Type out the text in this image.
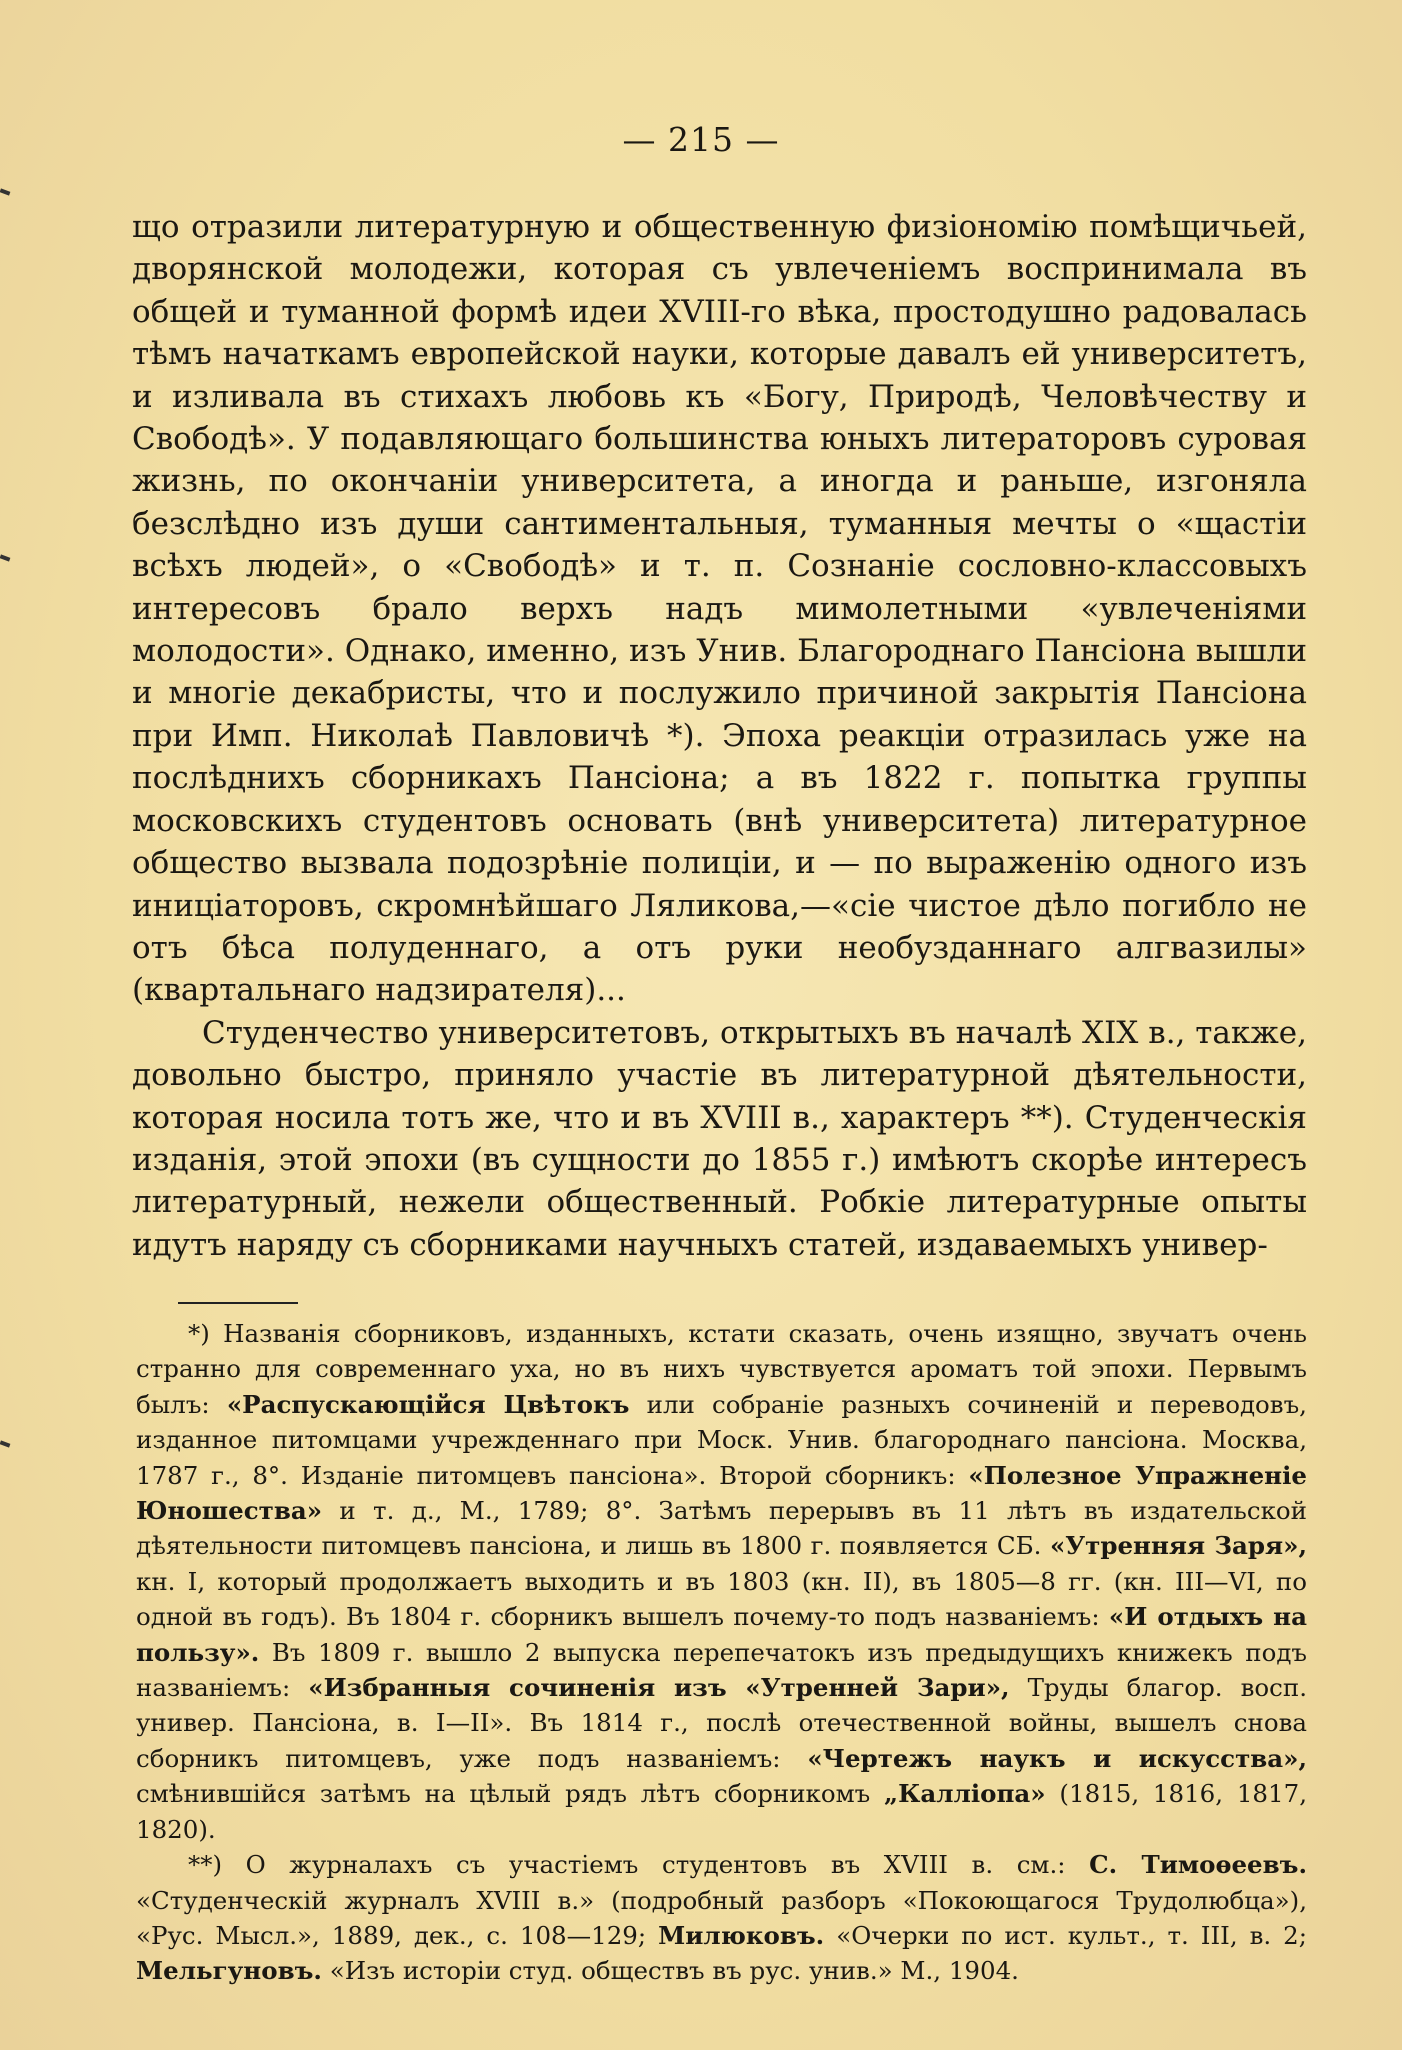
— 215 —

що отразили литературную и общественную физіономію помѣщичьей, дворянской молодежи, которая съ увлеченіемъ воспринимала въ общей и туманной формѣ идеи XVIII-го вѣка, простодушно радовалась тѣмъ начаткамъ европейской науки, которые давалъ ей университетъ, и изливала въ стихахъ любовь къ «Богу, Природѣ, Человѣчеству и Свободѣ». У подавляющаго большинства юныхъ литераторовъ суровая жизнь, по окончаніи университета, а иногда и раньше, изгоняла безслѣдно изъ души сантиментальныя, туманныя мечты о «щастіи всѣхъ людей», о «Свободѣ» и т. п. Сознаніе сословно-классовыхъ интересовъ брало верхъ надъ мимолетными «увлеченіями молодости». Однако, именно, изъ Унив. Благороднаго Пансіона вышли и многіе декабристы, что и послужило причиной закрытія Пансіона при Имп. Николаѣ Павловичѣ *). Эпоха реакціи отразилась уже на послѣднихъ сборникахъ Пансіона; а въ 1822 г. попытка группы московскихъ студентовъ основать (внѣ университета) литературное общество вызвала подозрѣніе полиціи, и — по выраженію одного изъ иниціаторовъ, скромнѣйшаго Ляликова,—«сіе чистое дѣло погибло не отъ бѣса полуденнаго, а отъ руки необузданнаго алгвазилы» (квартальнаго надзирателя)...

Студенчество университетовъ, открытыхъ въ началѣ XIX в., также, довольно быстро, приняло участіе въ литературной дѣятельности, которая носила тотъ же, что и въ XVIII в., характеръ **). Студенческія изданія, этой эпохи (въ сущности до 1855 г.) имѣютъ скорѣе интересъ литературный, нежели общественный. Робкіе литературные опыты идутъ наряду съ сборниками научныхъ статей, издаваемыхъ универ-

*) Названія сборниковъ, изданныхъ, кстати сказать, очень изящно, звучатъ очень странно для современнаго уха, но въ нихъ чувствуется ароматъ той эпохи. Первымъ былъ: «Распускающійся Цвѣтокъ или собраніе разныхъ сочиненій и переводовъ, изданное питомцами учрежденнаго при Моск. Унив. благороднаго пансіона. Москва, 1787 г., 8°. Изданіе питомцевъ пансіона». Второй сборникъ: «Полезное Упражненіе Юношества» и т. д., М., 1789; 8°. Затѣмъ перерывъ въ 11 лѣтъ въ издательской дѣятельности питомцевъ пансіона, и лишь въ 1800 г. появляется СБ. «Утренняя Заря», кн. I, который продолжаетъ выходить и въ 1803 (кн. II), въ 1805—8 гг. (кн. III—VI, по одной въ годъ). Въ 1804 г. сборникъ вышелъ почему-то подъ названіемъ: «И отдыхъ на пользу». Въ 1809 г. вышло 2 выпуска перепечатокъ изъ предыдущихъ книжекъ подъ названіемъ: «Избранныя сочиненія изъ «Утренней Зари», Труды благор. восп. унивеp. Пансіона, в. I—II». Въ 1814 г., послѣ отечественной войны, вышелъ снова сборникъ питомцевъ, уже подъ названіемъ: «Чертежъ наукъ и искусства», смѣнившійся затѣмъ на цѣлый рядъ лѣтъ сборникомъ „Калліопа» (1815, 1816, 1817, 1820).

**) О журналахъ съ участіемъ студентовъ въ XVIII в. см.: С. Тимоѳеевъ. «Студенческій журналъ XVIII в.» (подробный разборъ «Покоющагося Трудолюбца»), «Рус. Мысл.», 1889, дек., с. 108—129; Милюковъ. «Очерки по ист. культ., т. III, в. 2; Мельгуновъ. «Изъ исторіи студ. обществъ въ рус. унив.» М., 1904.
